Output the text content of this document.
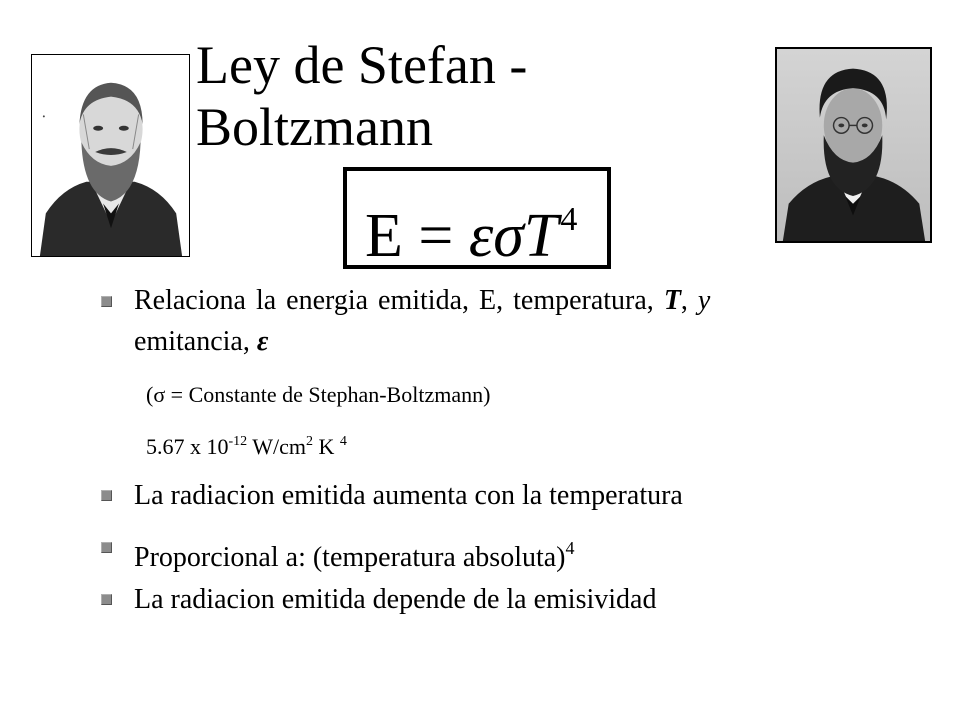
Ley de Stefan -
Boltzmann
E = εσT$^4$
Relaciona la energia emitida, E, temperatura, T, y
emitancia, ε
(σ = Constante de Stephan-Boltzmann)
5.67 x $10^{-12}$ $W/cm^2$ K $^4$
La radiacion emitida aumenta con la temperatura
Proporcional a: (temperatura absoluta)$^4$
La radiacion emitida depende de la emisividad
